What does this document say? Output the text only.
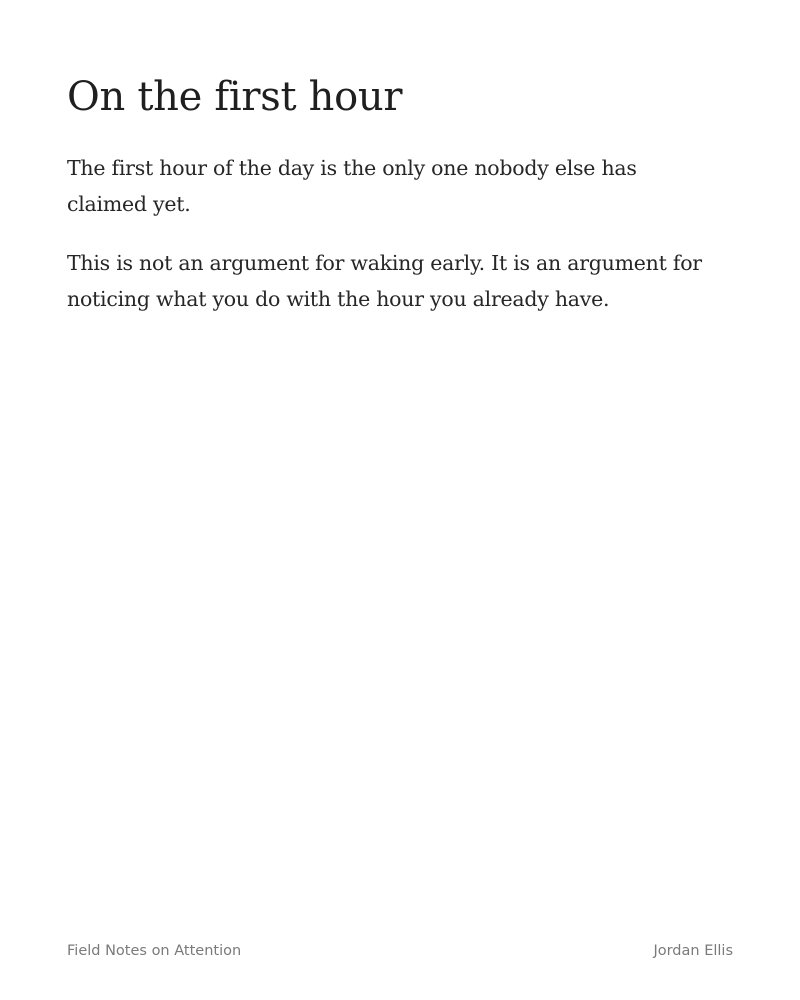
On the first hour

The first hour of the day is the only one nobody else has claimed yet.

This is not an argument for waking early. It is an argument for noticing what you do with the hour you already have.

Field Notes on Attention	Jordan Ellis
